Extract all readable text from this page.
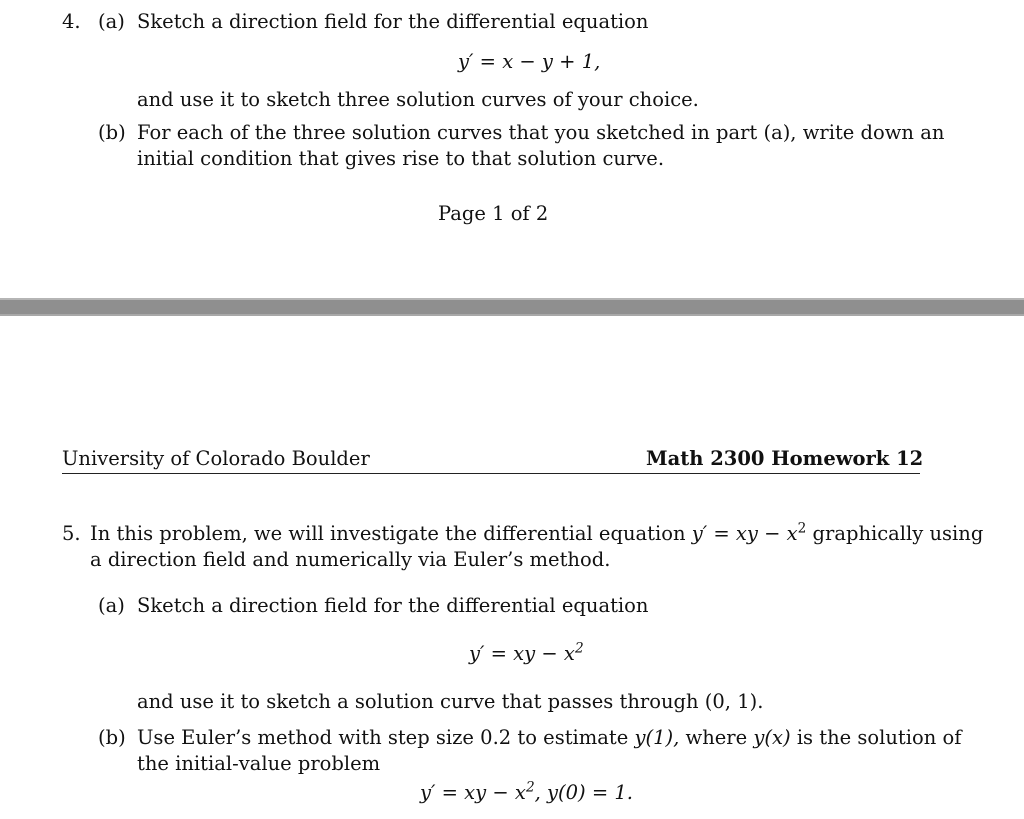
4. (a) Sketch a direction field for the differential equation
y′ = x − y + 1,
and use it to sketch three solution curves of your choice.
(b) For each of the three solution curves that you sketched in part (a), write down an
initial condition that gives rise to that solution curve.
Page 1 of 2
University of Colorado Boulder	Math 2300 Homework 12
5. In this problem, we will investigate the differential equation y′ = xy − $x^2$ graphically using
a direction field and numerically via Euler’s method.
(a) Sketch a direction field for the differential equation
y′ = xy − $x^2$
and use it to sketch a solution curve that passes through (0, 1).
(b) Use Euler’s method with step size 0.2 to estimate y(1), where y(x) is the solution of
the initial-value problem
y′ = xy − $x^2$, y(0) = 1.
